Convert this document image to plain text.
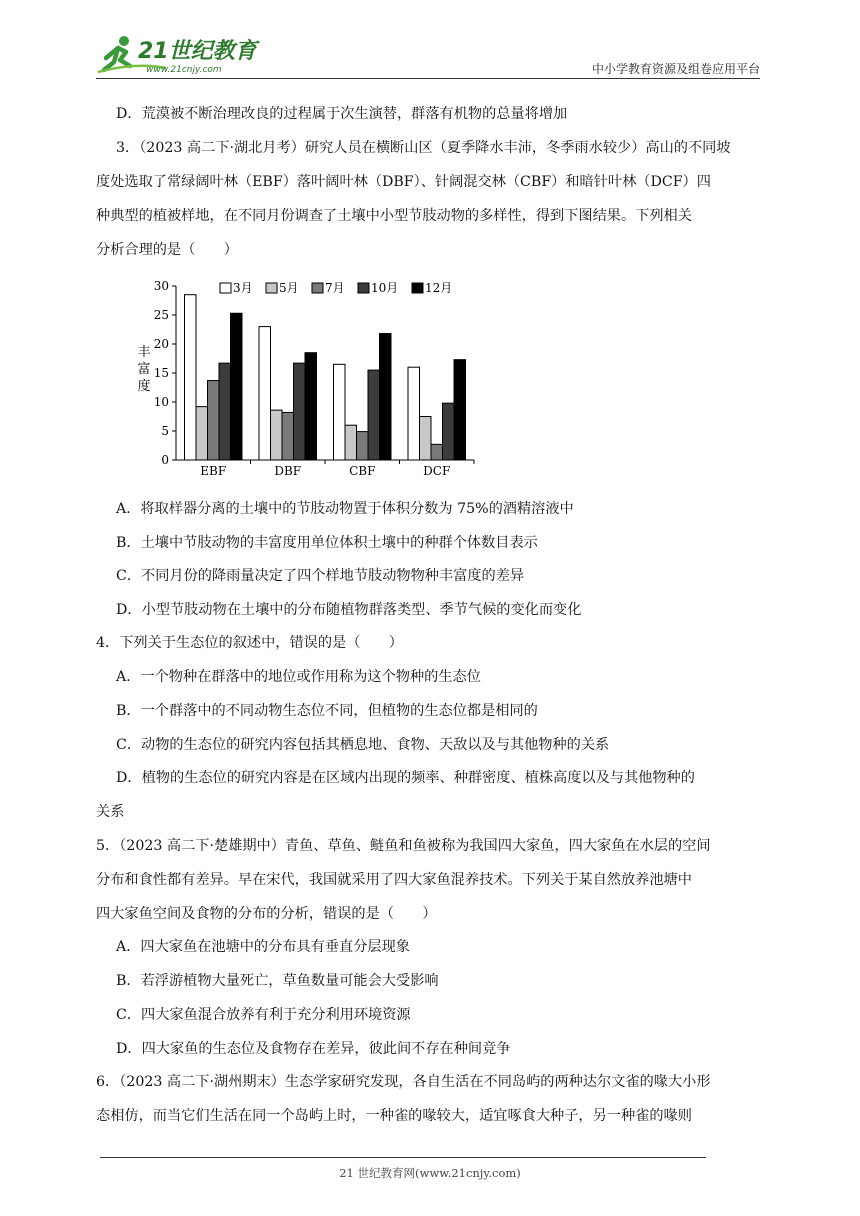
21世纪教育
www.21cnjy.com	中小学教育资源及组卷应用平台
D．荒漠被不断治理改良的过程属于次生演替，群落有机物的总量将增加
3．（2023 高二下·湖北月考）研究人员在横断山区（夏季降水丰沛，冬季雨水较少）高山的不同坡
度处选取了常绿阔叶林（EBF）落叶阔叶林（DBF）、针阔混交林（CBF）和暗针叶林（DCF）四
种典型的植被样地，在不同月份调查了土壤中小型节肢动物的多样性，得到下图结果。下列相关
分析合理的是（　　）
A．将取样器分离的土壤中的节肢动物置于体积分数为 75%的酒精溶液中
B．土壤中节肢动物的丰富度用单位体积土壤中的种群个体数目表示
C．不同月份的降雨量决定了四个样地节肢动物物种丰富度的差异
D．小型节肢动物在土壤中的分布随植物群落类型、季节气候的变化而变化
4．下列关于生态位的叙述中，错误的是（　　）
A．一个物种在群落中的地位或作用称为这个物种的生态位
B．一个群落中的不同动物生态位不同，但植物的生态位都是相同的
C．动物的生态位的研究内容包括其栖息地、食物、天敌以及与其他物种的关系
D．植物的生态位的研究内容是在区域内出现的频率、种群密度、植株高度以及与其他物种的
关系
5．（2023 高二下·楚雄期中）青鱼、草鱼、鲢鱼和鱼被称为我国四大家鱼，四大家鱼在水层的空间
分布和食性都有差异。早在宋代，我国就采用了四大家鱼混养技术。下列关于某自然放养池塘中
四大家鱼空间及食物的分布的分析，错误的是（　　）
A．四大家鱼在池塘中的分布具有垂直分层现象
B．若浮游植物大量死亡，草鱼数量可能会大受影响
C．四大家鱼混合放养有利于充分利用环境资源
D．四大家鱼的生态位及食物存在差异，彼此间不存在种间竞争
6．（2023 高二下·湖州期末）生态学家研究发现，各自生活在不同岛屿的两种达尔文雀的喙大小形
态相仿，而当它们生活在同一个岛屿上时，一种雀的喙较大，适宜啄食大种子，另一种雀的喙则
0
5
10
15
20
25
30
丰
富
度
EBF	DBF	CBF	DCF
3月 5月 7月 10月 12月
21 世纪教育网(www.21cnjy.com)
